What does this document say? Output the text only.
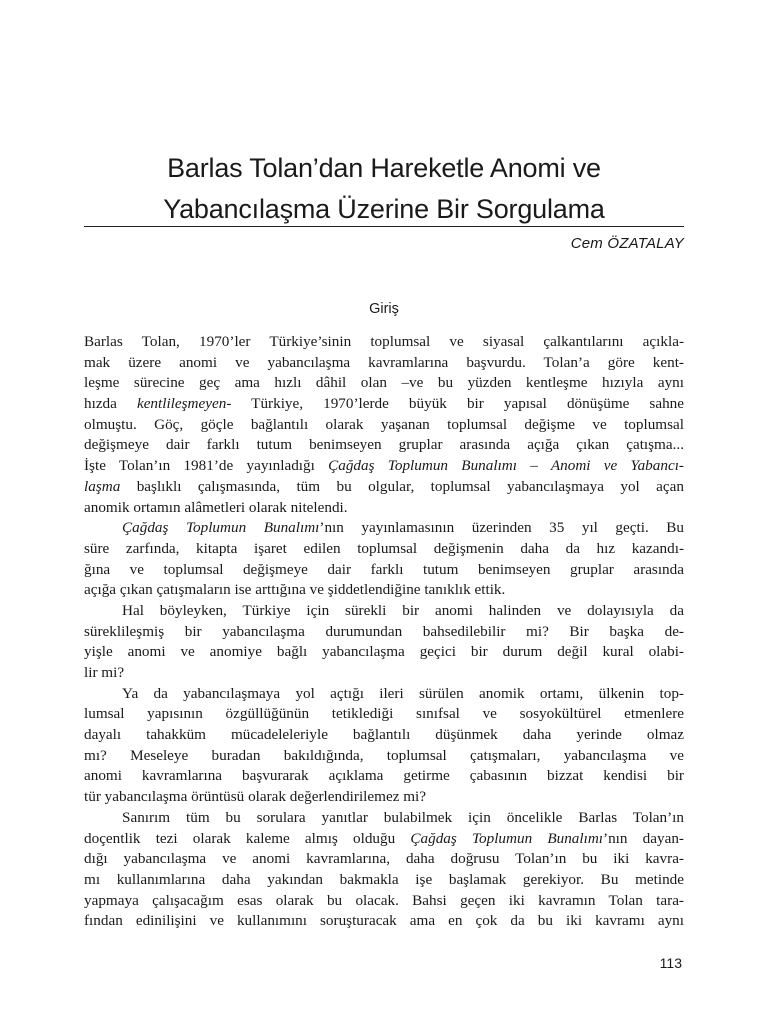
Barlas Tolan’dan Hareketle Anomi ve
Yabancılaşma Üzerine Bir Sorgulama
Cem ÖZATALAY
Giriş
Barlas Tolan, 1970’ler Türkiye’sinin toplumsal ve siyasal çalkantılarını açıkla-
mak üzere anomi ve yabancılaşma kavramlarına başvurdu. Tolan’a göre kent-
leşme sürecine geç ama hızlı dâhil olan –ve bu yüzden kentleşme hızıyla aynı
hızda kentlileşmeyen- Türkiye, 1970’lerde büyük bir yapısal dönüşüme sahne
olmuştu. Göç, göçle bağlantılı olarak yaşanan toplumsal değişme ve toplumsal
değişmeye dair farklı tutum benimseyen gruplar arasında açığa çıkan çatışma...
İşte Tolan’ın 1981’de yayınladığı Çağdaş Toplumun Bunalımı – Anomi ve Yabancı-
laşma başlıklı çalışmasında, tüm bu olgular, toplumsal yabancılaşmaya yol açan
anomik ortamın alâmetleri olarak nitelendi.
Çağdaş Toplumun Bunalımı’nın yayınlamasının üzerinden 35 yıl geçti. Bu
süre zarfında, kitapta işaret edilen toplumsal değişmenin daha da hız kazandı-
ğına ve toplumsal değişmeye dair farklı tutum benimseyen gruplar arasında
açığa çıkan çatışmaların ise arttığına ve şiddetlendiğine tanıklık ettik.
Hal böyleyken, Türkiye için sürekli bir anomi halinden ve dolayısıyla da
süreklileşmiş bir yabancılaşma durumundan bahsedilebilir mi? Bir başka de-
yişle anomi ve anomiye bağlı yabancılaşma geçici bir durum değil kural olabi-
lir mi?
Ya da yabancılaşmaya yol açtığı ileri sürülen anomik ortamı, ülkenin top-
lumsal yapısının özgüllüğünün tetiklediği sınıfsal ve sosyokültürel etmenlere
dayalı tahakküm mücadeleleriyle bağlantılı düşünmek daha yerinde olmaz
mı? Meseleye buradan bakıldığında, toplumsal çatışmaları, yabancılaşma ve
anomi kavramlarına başvurarak açıklama getirme çabasının bizzat kendisi bir
tür yabancılaşma örüntüsü olarak değerlendirilemez mi?
Sanırım tüm bu sorulara yanıtlar bulabilmek için öncelikle Barlas Tolan’ın
doçentlik tezi olarak kaleme almış olduğu Çağdaş Toplumun Bunalımı’nın dayan-
dığı yabancılaşma ve anomi kavramlarına, daha doğrusu Tolan’ın bu iki kavra-
mı kullanımlarına daha yakından bakmakla işe başlamak gerekiyor. Bu metinde
yapmaya çalışacağım esas olarak bu olacak. Bahsi geçen iki kavramın Tolan tara-
fından edinilişini ve kullanımını soruşturacak ama en çok da bu iki kavramı aynı
113
